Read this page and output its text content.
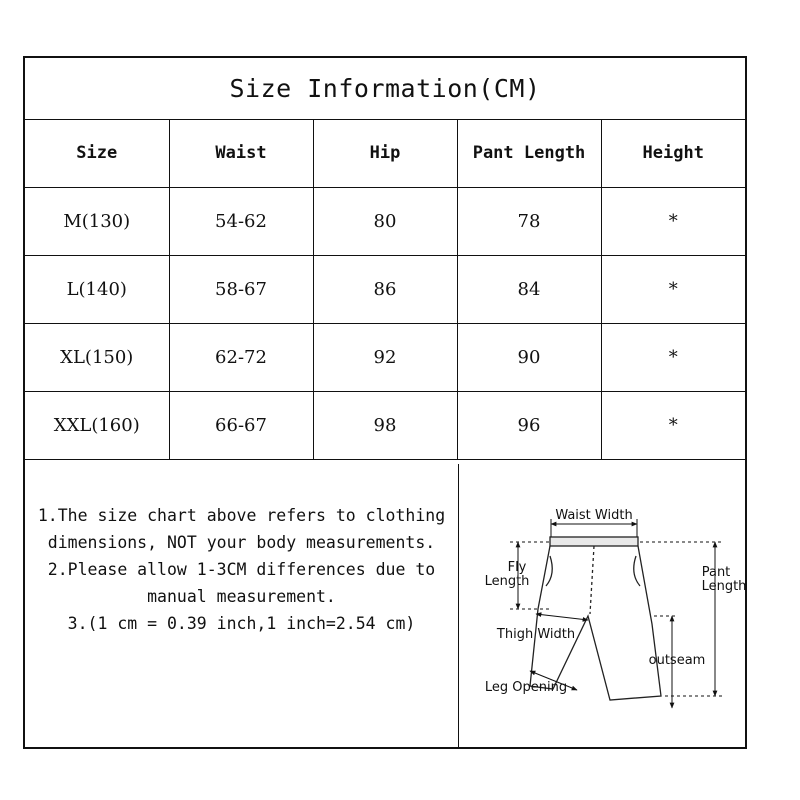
Size Information(CM)
Size	Waist	Hip	Pant Length	Height
M(130)	54-62	80	78	*
L(140)	58-67	86	84	*
XL(150)	62-72	92	90	*
XXL(160)	66-67	98	96	*

1.The size chart above refers to clothing dimensions, NOT your body measurements.

2.Please allow 1-3CM differences due to manual measurement.

3.(1 cm = 0.39 inch,1 inch=2.54 cm)

Waist Width
Fly
Length
Pant
Length
Thigh Width
outseam
Leg Opening
